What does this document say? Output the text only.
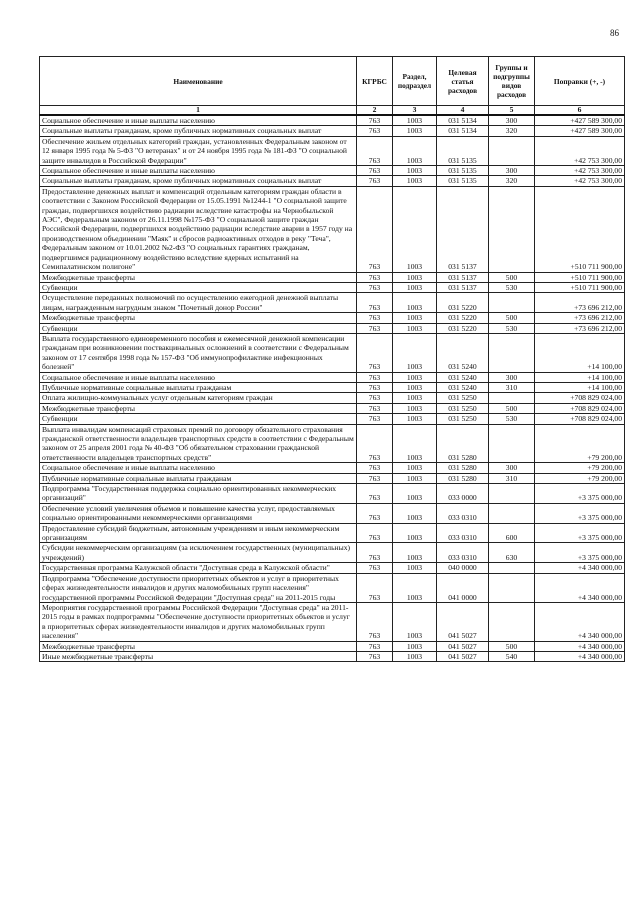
86
Наименование	КГРБС	Раздел, подраздел	Целевая статья расходов	Группы и подгруппы видов расходов	Поправки (+, -)
1	2	3	4	5	6
Социальное обеспечение и иные выплаты населению	763	1003	031 5134	300	+427 589 300,00
Социальные выплаты гражданам, кроме публичных нормативных социальных выплат	763	1003	031 5134	320	+427 589 300,00
Обеспечение жильем отдельных категорий граждан, установленных Федеральным законом от 12 января 1995 года № 5-ФЗ "О ветеранах" и от 24 ноября 1995 года № 181-ФЗ "О социальной защите инвалидов в Российской Федерации"	763	1003	031 5135		+42 753 300,00
Социальное обеспечение и иные выплаты населению	763	1003	031 5135	300	+42 753 300,00
Социальные выплаты гражданам, кроме публичных нормативных социальных выплат	763	1003	031 5135	320	+42 753 300,00
Предоставление денежных выплат и компенсаций отдельным категориям граждан области в соответствии с Законом Российской Федерации от 15.05.1991 №1244-1 "О социальной защите граждан, подвергшихся воздействию радиации вследствие катастрофы на Чернобыльской АЭС", Федеральным законом от 26.11.1998 №175-ФЗ "О социальной защите граждан Российской Федерации, подвергшихся воздействию радиации вследствие аварии в 1957 году на производственном объединении "Маяк" и сбросов радиоактивных отходов в реку "Теча", Федеральным законом от 10.01.2002 №2-ФЗ "О социальных гарантиях гражданам, подвергшимся радиационному воздействию вследствие ядерных испытаний на Семипалатинском полигоне"	763	1003	031 5137		+510 711 900,00
Межбюджетные трансферты	763	1003	031 5137	500	+510 711 900,00
Субвенции	763	1003	031 5137	530	+510 711 900,00
Осуществление переданных полномочий по осуществлению ежегодной денежной выплаты лицам, награжденным нагрудным знаком "Почетный донор России"	763	1003	031 5220		+73 696 212,00
Межбюджетные трансферты	763	1003	031 5220	500	+73 696 212,00
Субвенции	763	1003	031 5220	530	+73 696 212,00
Выплата государственного единовременного пособия и ежемесячной денежной компенсации гражданам при возникновении поствакцинальных осложнений в соответствии с Федеральным законом от 17 сентября 1998 года № 157-ФЗ "Об иммунопрофилактике инфекционных болезней"	763	1003	031 5240		+14 100,00
Социальное обеспечение и иные выплаты населению	763	1003	031 5240	300	+14 100,00
Публичные нормативные социальные выплаты гражданам	763	1003	031 5240	310	+14 100,00
Оплата жилищно-коммунальных услуг отдельным категориям граждан	763	1003	031 5250		+708 829 024,00
Межбюджетные трансферты	763	1003	031 5250	500	+708 829 024,00
Субвенции	763	1003	031 5250	530	+708 829 024,00
Выплата инвалидам компенсаций страховых премий по договору обязательного страхования гражданской ответственности владельцев транспортных средств в соответствии с Федеральным законом от 25 апреля 2001 года № 40-ФЗ "Об обязательном страховании гражданской ответственности владельцев транспортных средств"	763	1003	031 5280		+79 200,00
Социальное обеспечение и иные выплаты населению	763	1003	031 5280	300	+79 200,00
Публичные нормативные социальные выплаты гражданам	763	1003	031 5280	310	+79 200,00
Подпрограмма "Государственная поддержка социально ориентированных некоммерческих организаций"	763	1003	033 0000		+3 375 000,00
Обеспечение условий увеличения объемов и повышение качества услуг, предоставляемых социально ориентированными некоммерческими организациями	763	1003	033 0310		+3 375 000,00
Предоставление субсидий бюджетным, автономным учреждениям и иным некоммерческим организациям	763	1003	033 0310	600	+3 375 000,00
Субсидии некоммерческим организациям (за исключением государственных (муниципальных) учреждений)	763	1003	033 0310	630	+3 375 000,00
Государственная программа Калужской области "Доступная среда в Калужской области"	763	1003	040 0000		+4 340 000,00
Подпрограмма "Обеспечение доступности приоритетных объектов и услуг в приоритетных сферах жизнедеятельности инвалидов и других маломобильных групп населения" государственной программы Российской Федерации "Доступная среда" на 2011-2015 годы	763	1003	041 0000		+4 340 000,00
Мероприятия государственной программы Российской Федерации "Доступная среда" на 2011-2015 годы в рамках подпрограммы "Обеспечение доступности приоритетных объектов и услуг в приоритетных сферах жизнедеятельности инвалидов и других маломобильных групп населения"	763	1003	041 5027		+4 340 000,00
Межбюджетные трансферты	763	1003	041 5027	500	+4 340 000,00
Иные межбюджетные трансферты	763	1003	041 5027	540	+4 340 000,00
